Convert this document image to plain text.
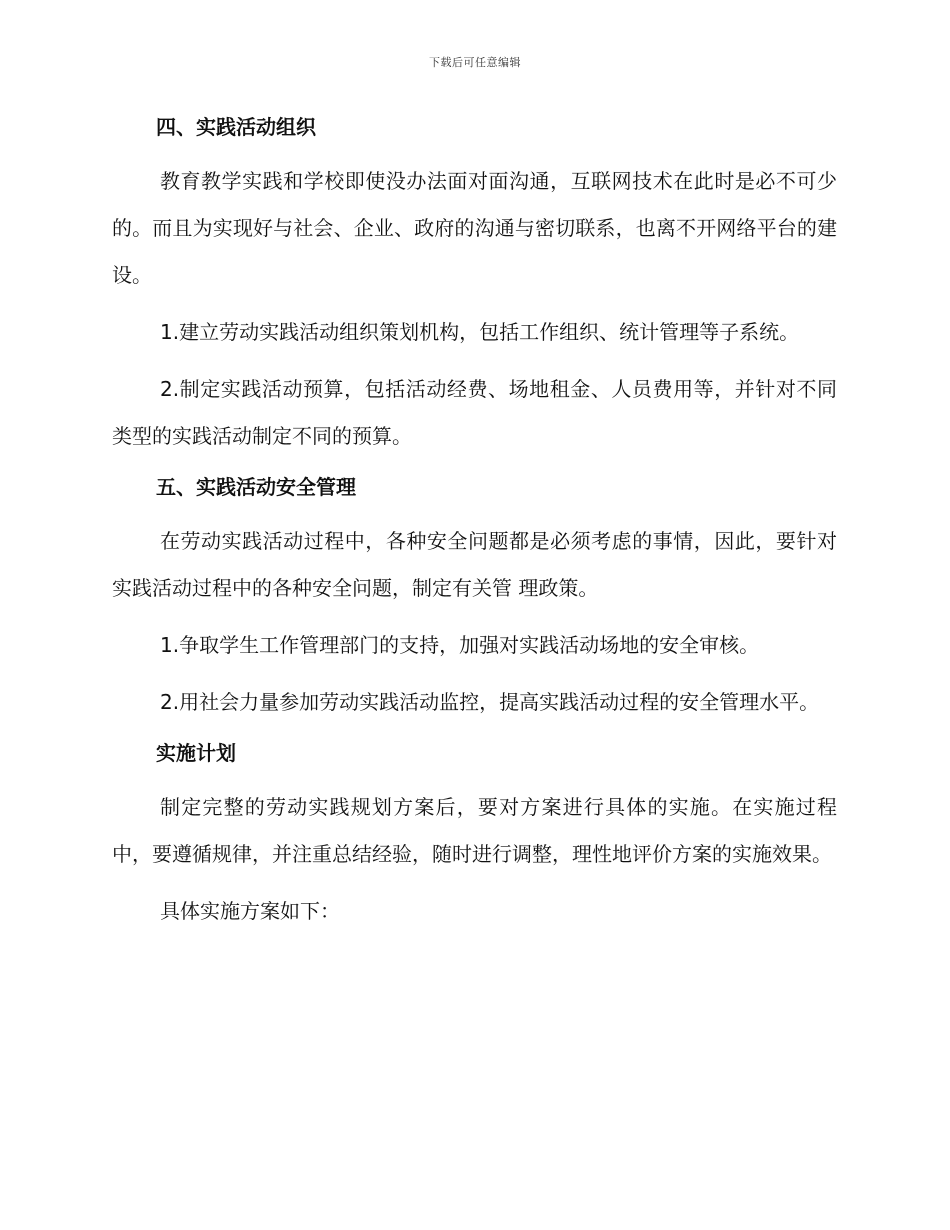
下载后可任意编辑
四、实践活动组织

教育教学实践和学校即使没办法面对面沟通，互联网技术在此时是必不可少的。而且为实现好与社会、企业、政府的沟通与密切联系，也离不开网络平台的建设。

1.建立劳动实践活动组织策划机构，包括工作组织、统计管理等子系统。

2.制定实践活动预算，包括活动经费、场地租金、人员费用等，并针对不同类型的实践活动制定不同的预算。

五、实践活动安全管理

在劳动实践活动过程中，各种安全问题都是必须考虑的事情，因此，要针对实践活动过程中的各种安全问题，制定有关管 理政策。

1.争取学生工作管理部门的支持，加强对实践活动场地的安全审核。

2.用社会力量参加劳动实践活动监控，提高实践活动过程的安全管理水平。

实施计划

制定完整的劳动实践规划方案后，要对方案进行具体的实施。在实施过程中，要遵循规律，并注重总结经验，随时进行调整，理性地评价方案的实施效果。

具体实施方案如下：
